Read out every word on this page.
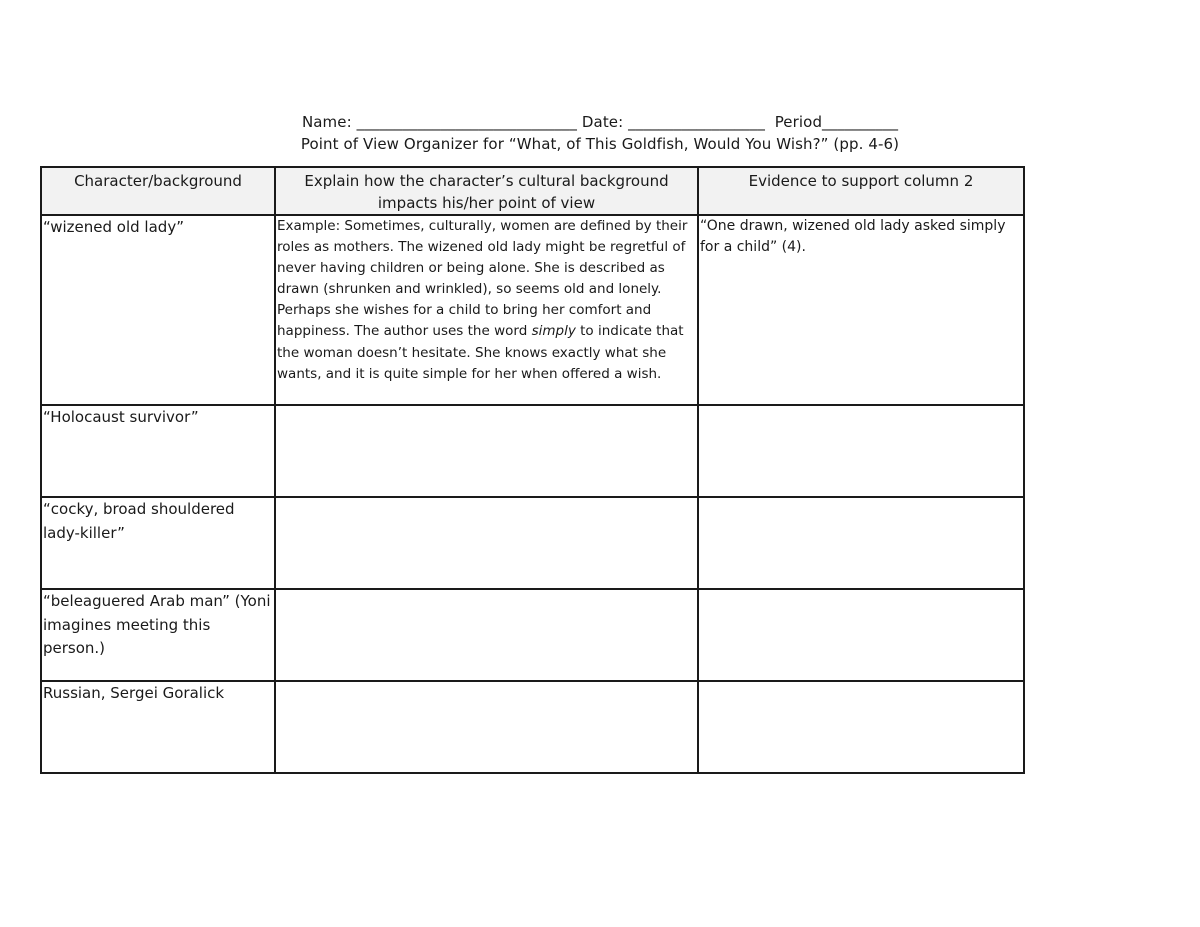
Name: _____________________________ Date: __________________  Period__________
Point of View Organizer for “What, of This Goldfish, Would You Wish?” (pp. 4-6)
Character/background	Explain how the character’s cultural background impacts his/her point of view	Evidence to support column 2
“wizened old lady”	Example: Sometimes, culturally, women are defined by their roles as mothers. The wizened old lady might be regretful of never having children or being alone. She is described as drawn (shrunken and wrinkled), so seems old and lonely. Perhaps she wishes for a child to bring her comfort and happiness. The author uses the word simply to indicate that the woman doesn’t hesitate. She knows exactly what she wants, and it is quite simple for her when offered a wish.	“One drawn, wizened old lady asked simply for a child” (4).
“Holocaust survivor”		
“cocky, broad shouldered lady-killer”		
“beleaguered Arab man” (Yoni imagines meeting this person.)		
Russian, Sergei Goralick		
